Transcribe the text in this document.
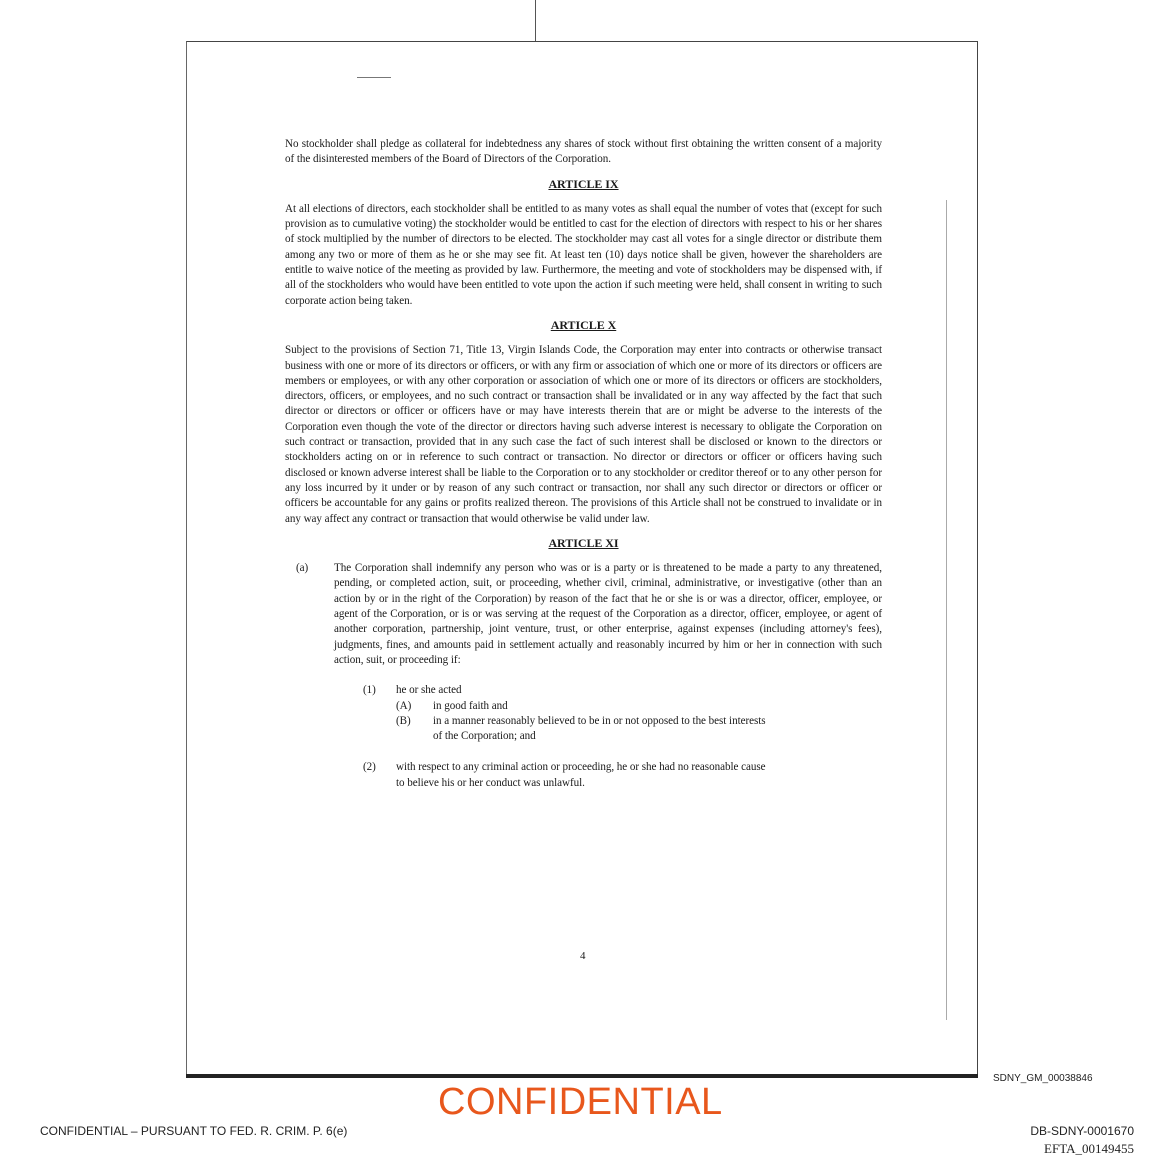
No stockholder shall pledge as collateral for indebtedness any shares of stock without first obtaining the written consent of a majority of the disinterested members of the Board of Directors of the Corporation.

ARTICLE IX

At all elections of directors, each stockholder shall be entitled to as many votes as shall equal the number of votes that (except for such provision as to cumulative voting) the stockholder would be entitled to cast for the election of directors with respect to his or her shares of stock multiplied by the number of directors to be elected. The stockholder may cast all votes for a single director or distribute them among any two or more of them as he or she may see fit. At least ten (10) days notice shall be given, however the shareholders are entitle to waive notice of the meeting as provided by law. Furthermore, the meeting and vote of stockholders may be dispensed with, if all of the stockholders who would have been entitled to vote upon the action if such meeting were held, shall consent in writing to such corporate action being taken.

ARTICLE X

Subject to the provisions of Section 71, Title 13, Virgin Islands Code, the Corporation may enter into contracts or otherwise transact business with one or more of its directors or officers, or with any firm or association of which one or more of its directors or officers are members or employees, or with any other corporation or association of which one or more of its directors or officers are stockholders, directors, officers, or employees, and no such contract or transaction shall be invalidated or in any way affected by the fact that such director or directors or officer or officers have or may have interests therein that are or might be adverse to the interests of the Corporation even though the vote of the director or directors having such adverse interest is necessary to obligate the Corporation on such contract or transaction, provided that in any such case the fact of such interest shall be disclosed or known to the directors or stockholders acting on or in reference to such contract or transaction. No director or directors or officer or officers having such disclosed or known adverse interest shall be liable to the Corporation or to any stockholder or creditor thereof or to any other person for any loss incurred by it under or by reason of any such contract or transaction, nor shall any such director or directors or officer or officers be accountable for any gains or profits realized thereon. The provisions of this Article shall not be construed to invalidate or in any way affect any contract or transaction that would otherwise be valid under law.

ARTICLE XI
(a)	The Corporation shall indemnify any person who was or is a party or is threatened to be made a party to any threatened, pending, or completed action, suit, or proceeding, whether civil, criminal, administrative, or investigative (other than an action by or in the right of the Corporation) by reason of the fact that he or she is or was a director, officer, employee, or agent of the Corporation, or is or was serving at the request of the Corporation as a director, officer, employee, or agent of another corporation, partnership, joint venture, trust, or other enterprise, against expenses (including attorney's fees), judgments, fines, and amounts paid in settlement actually and reasonably incurred by him or her in connection with such action, suit, or proceeding if:
(1)	he or she acted
(A)	in good faith and
(B)	in a manner reasonably believed to be in or not opposed to the best interests of the Corporation; and
(2)	with respect to any criminal action or proceeding, he or she had no reasonable cause to believe his or her conduct was unlawful.
4
SDNY_GM_00038846
CONFIDENTIAL
CONFIDENTIAL – PURSUANT TO FED. R. CRIM. P. 6(e)	DB-SDNY-0001670
EFTA_00149455
